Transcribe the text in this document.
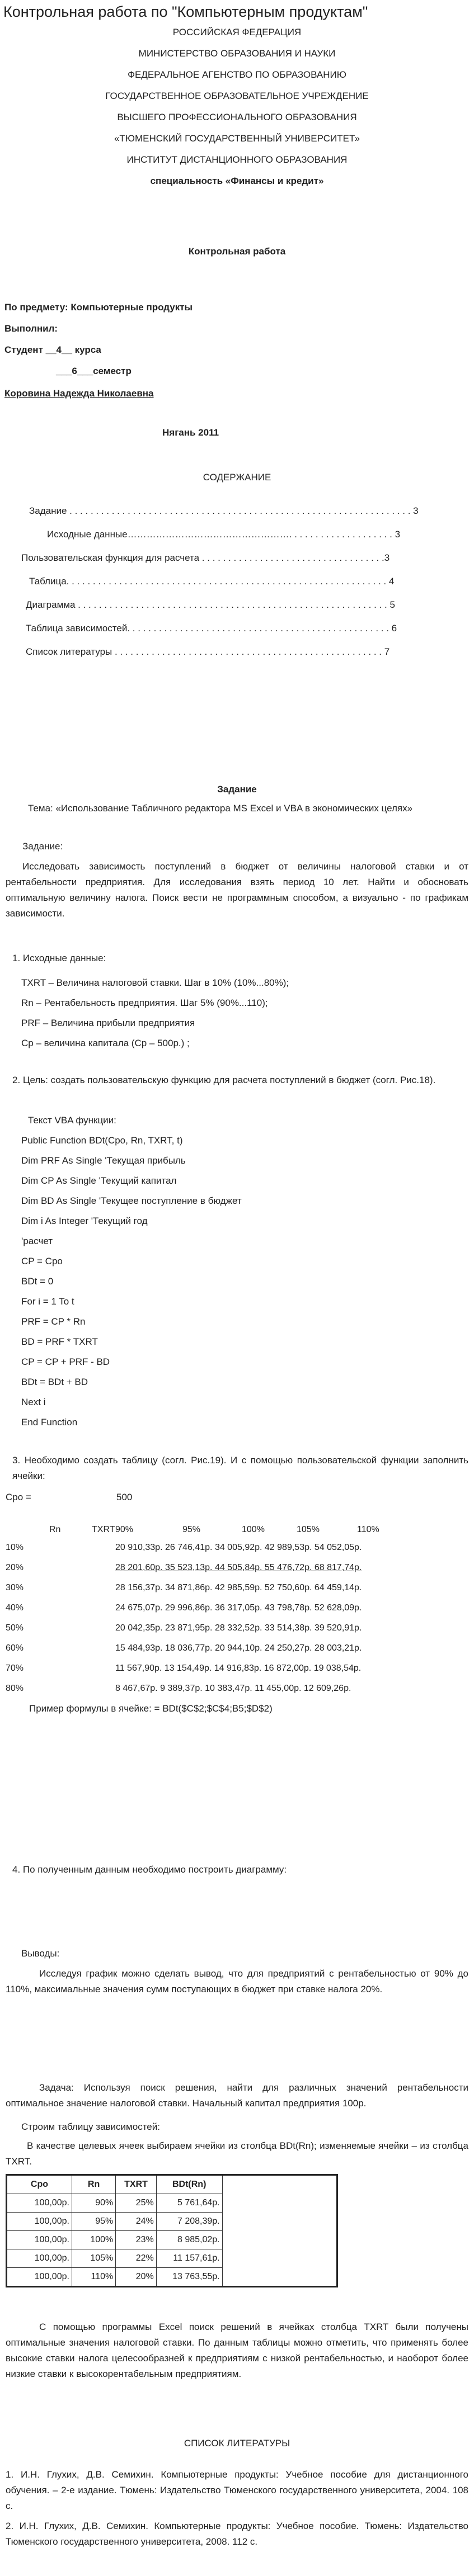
Контрольная работа по "Компьютерным продуктам"
РОССИЙСКАЯ ФЕДЕРАЦИЯ
МИНИСТЕРСТВО ОБРАЗОВАНИЯ И НАУКИ
ФЕДЕРАЛЬНОЕ АГЕНСТВО ПО ОБРАЗОВАНИЮ
ГОСУДАРСТВЕННОЕ ОБРАЗОВАТЕЛЬНОЕ УЧРЕЖДЕНИЕ
ВЫСШЕГО ПРОФЕССИОНАЛЬНОГО ОБРАЗОВАНИЯ
«ТЮМЕНСКИЙ ГОСУДАРСТВЕННЫЙ УНИВЕРСИТЕТ»
ИНСТИТУТ ДИСТАНЦИОННОГО ОБРАЗОВАНИЯ
специальность «Финансы и кредит»
Контрольная работа
По предмету: Компьютерные продукты
Выполнил:
Студент __4__ курса
___6___семестр
Коровина Надежда Николаевна
Нягань 2011
СОДЕРЖАНИЕ
Задание . . . . . . . . . . . . . . . . . . . . . . . . . . . . . . . . . . . . . . . . . . . . . . . . . . . . . . . . . . . . . . . . . 3
Исходные данные……………………………………………. . . . . . . . . . . . . . . . . . . . 3
Пользовательская функция для расчета . . . . . . . . . . . . . . . . . . . . . . . . . . . . . . . . . . .3
Таблица. . . . . . . . . . . . . . . . . . . . . . . . . . . . . . . . . . . . . . . . . . . . . . . . . . . . . . . . . . . . . 4
Диаграмма . . . . . . . . . . . . . . . . . . . . . . . . . . . . . . . . . . . . . . . . . . . . . . . . . . . . . . . . . . . 5
Таблица зависимостей. . . . . . . . . . . . . . . . . . . . . . . . . . . . . . . . . . . . . . . . . . . . . . . . . . 6
Список литературы . . . . . . . . . . . . . . . . . . . . . . . . . . . . . . . . . . . . . . . . . . . . . . . . . . . 7
Задание
Тема: «Использование Табличного редактора MS Excel и VBA в экономических целях»
Задание:
Исследовать зависимость поступлений в бюджет от величины налоговой ставки и от рентабельности предприятия. Для исследования взять период 10 лет. Найти и обосновать оптимальную величину налога. Поиск вести не программным способом, а визуально - по графикам зависимости.
1. Исходные данные:
TXRT – Величина налоговой ставки. Шаг в 10% (10%...80%);
Rn – Рентабельность предприятия. Шаг 5% (90%...110);
PRF – Величина прибыли предприятия
Cp – величина капитала (Cp – 500р.) ;
2. Цель: создать пользовательскую функцию для расчета поступлений в бюджет (согл. Рис.18).
Текст VBA функции:
Public Function BDt(Cpo, Rn, TXRT, t)
Dim PRF As Single 'Текущая прибыль
Dim CP As Single 'Текущий капитал
Dim BD As Single 'Текущее поступление в бюджет
Dim i As Integer 'Текущий год
'расчет
CP = Cpo
BDt = 0
For i = 1 To t
PRF = CP * Rn
BD = PRF * TXRT
CP = CP + PRF - BD
BDt = BDt + BD
Next i
End Function
3. Необходимо создать таблицу (согл. Рис.19). И с помощью пользовательской функции заполнить ячейки:
Cpo =	500
Rn	TXRT 90%	95%	100%	105%	110%
10%	20 910,33р. 26 746,41р. 34 005,92р. 42 989,53р. 54 052,05р.
20%	28 201,60р. 35 523,13р. 44 505,84р. 55 476,72р. 68 817,74р.
30%	28 156,37р. 34 871,86р. 42 985,59р. 52 750,60р. 64 459,14р.
40%	24 675,07р. 29 996,86р. 36 317,05р. 43 798,78р. 52 628,09р.
50%	20 042,35р. 23 871,95р. 28 332,52р. 33 514,38р. 39 520,91р.
60%	15 484,93р. 18 036,77р. 20 944,10р. 24 250,27р. 28 003,21р.
70%	11 567,90р. 13 154,49р. 14 916,83р. 16 872,00р. 19 038,54р.
80%	8 467,67р. 9 389,37р. 10 383,47р. 11 455,00р. 12 609,26р.
Пример формулы в ячейке: = BDt($C$2;$C$4;B5;$D$2)
4. По полученным данным необходимо построить диаграмму:
Выводы:
Исследуя график можно сделать вывод, что для предприятий с рентабельностью от 90% до 110%, максимальные значения сумм поступающих в бюджет при ставке налога 20%.
Задача: Используя поиск решения, найти для различных значений рентабельности оптимальное значение налоговой ставки. Начальный капитал предприятия 100р.
Строим таблицу зависимостей:
В качестве целевых ячеек выбираем ячейки из столбца BDt(Rn); изменяемые ячейки – из столбца TXRT.
Cpo	Rn	TXRT	BDt(Rn)	
100,00р.	90%	25%	5 761,64р.	
100,00р.	95%	24%	7 208,39р.	
100,00р.	100%	23%	8 985,02р.	
100,00р.	105%	22%	11 157,61р.	
100,00р.	110%	20%	13 763,55р.	
С помощью программы Excel поиск решений в ячейках столбца TXRT были получены оптимальные значения налоговой ставки. По данным таблицы можно отметить, что применять более высокие ставки налога целесообразней к предприятиям с низкой рентабельностью, и наоборот более низкие ставки к высокорентабельным предприятиям.
СПИСОК ЛИТЕРАТУРЫ
1. И.Н. Глухих, Д.В. Семихин. Компьютерные продукты: Учебное пособие для дистанционного обучения. – 2-е издание. Тюмень: Издательство Тюменского государственного университета, 2004. 108 с.
2. И.Н. Глухих, Д.В. Семихин. Компьютерные продукты: Учебное пособие. Тюмень: Издательство Тюменского государственного университета, 2008. 112 с.
